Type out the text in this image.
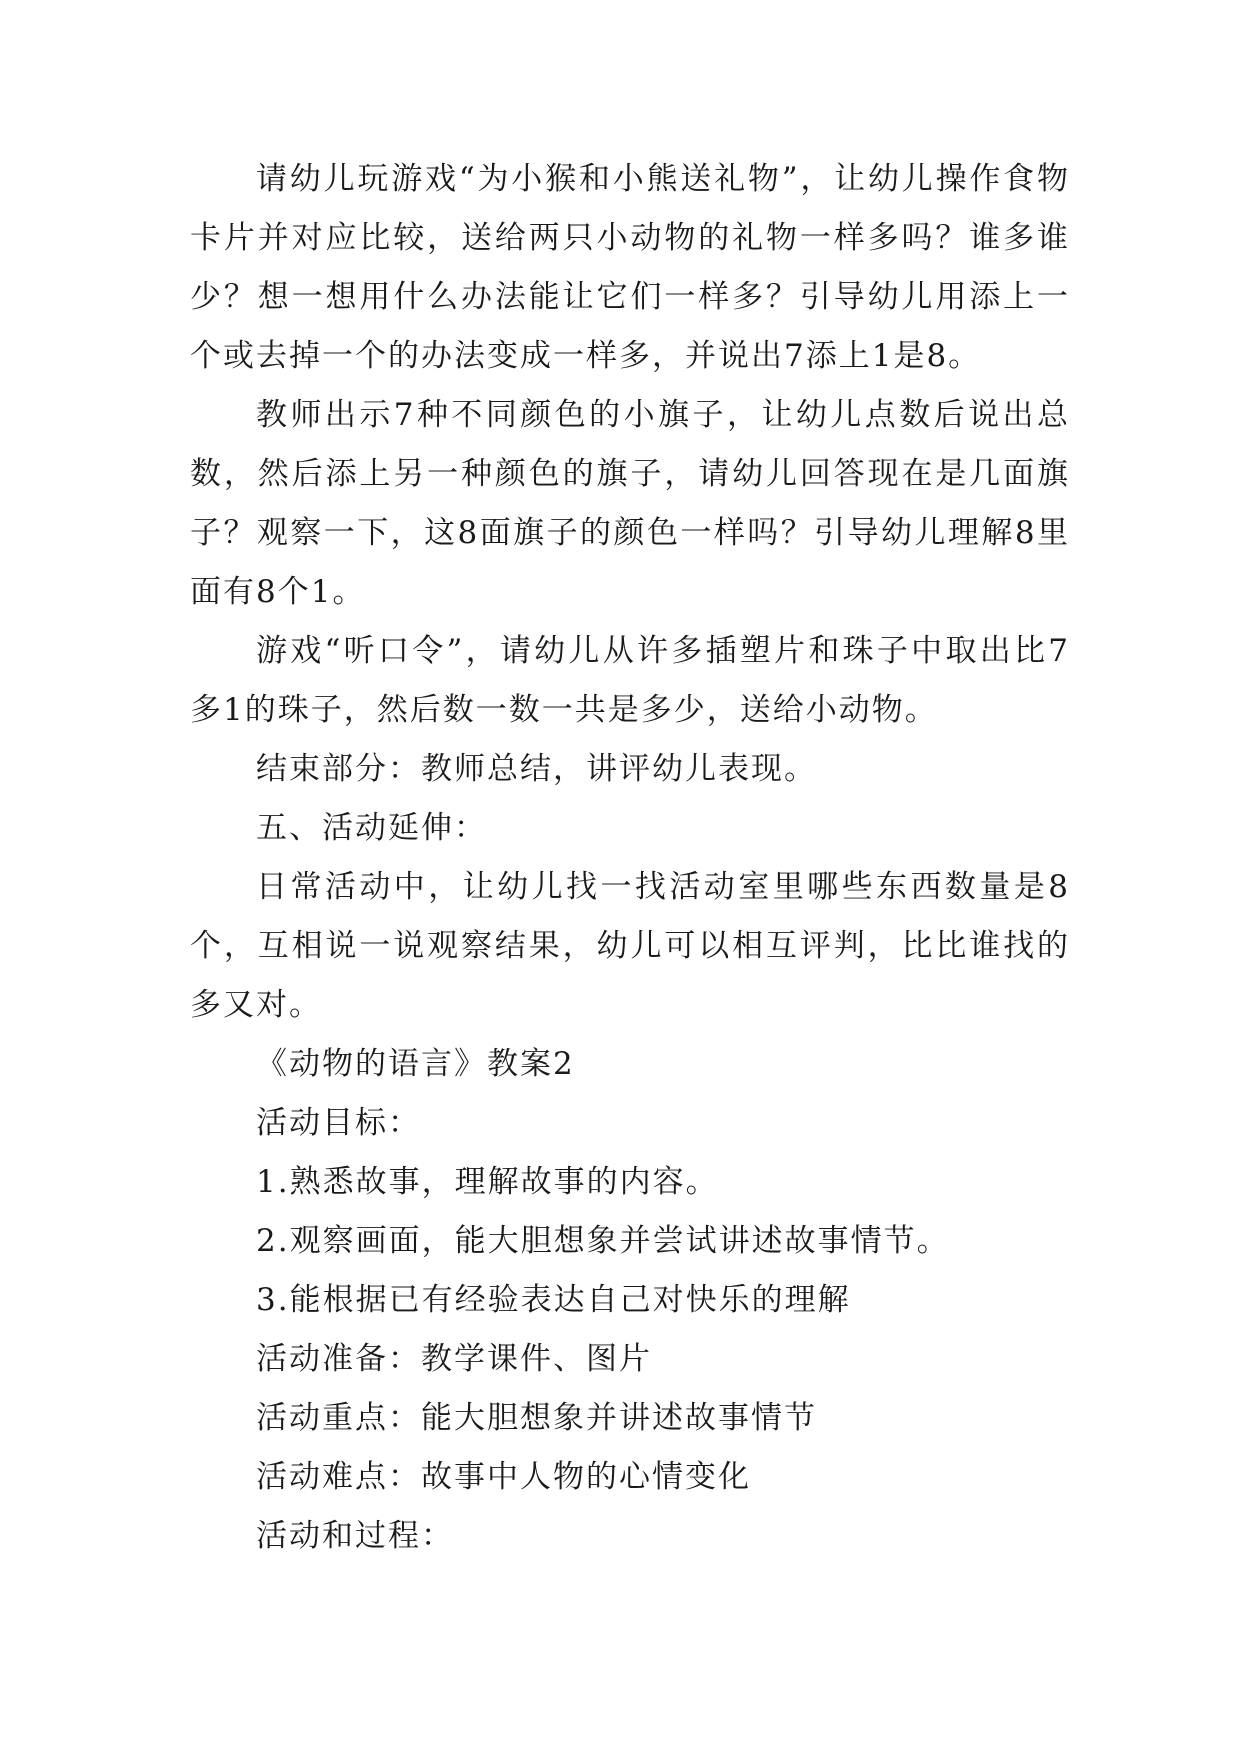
请幼儿玩游戏“为小猴和小熊送礼物”，让幼儿操作食物卡片并对应比较，送给两只小动物的礼物一样多吗？谁多谁少？想一想用什么办法能让它们一样多？引导幼儿用添上一个或去掉一个的办法变成一样多，并说出7添上1是8。

教师出示7种不同颜色的小旗子，让幼儿点数后说出总数，然后添上另一种颜色的旗子，请幼儿回答现在是几面旗子？观察一下，这8面旗子的颜色一样吗？引导幼儿理解8里面有8个1。

游戏“听口令”，请幼儿从许多插塑片和珠子中取出比7多1的珠子，然后数一数一共是多少，送给小动物。

结束部分：教师总结，讲评幼儿表现。

五、活动延伸：

日常活动中，让幼儿找一找活动室里哪些东西数量是8个，互相说一说观察结果，幼儿可以相互评判，比比谁找的多又对。

《动物的语言》教案2

活动目标：

1.熟悉故事，理解故事的内容。

2.观察画面，能大胆想象并尝试讲述故事情节。

3.能根据已有经验表达自己对快乐的理解

活动准备：教学课件、图片

活动重点：能大胆想象并讲述故事情节

活动难点：故事中人物的心情变化

活动和过程：
